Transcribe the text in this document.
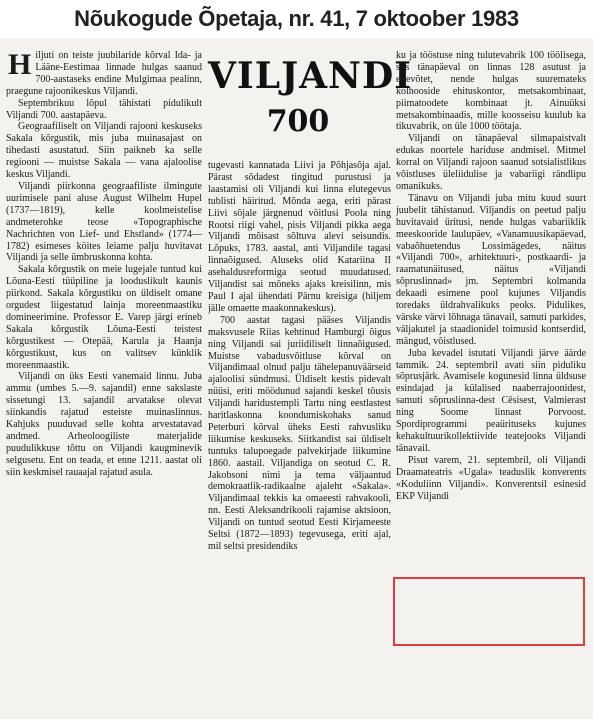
Nõukogude Õpetaja, nr. 41, 7 oktoober 1983

Hiljuti on teiste juubilaride kõrval Ida- ja Lääne-Eestimaa linnade hulgas saanud 700-aastaseks endine Mulgimaa pealinn, praegune rajoonikeskus Viljandi.

Septembrikuu lõpul tähistati pidulikult Viljandi 700. aastapäeva.

Geograafiliselt on Viljandi rajooni keskuseks Sakala kõrgustik, mis juba muinasajast on tihedasti asustatud. Siin paikneb ka selle regiooni — muistse Sakala — vana ajaloolise keskus Viljandi.

Viljandi piirkonna geograafiliste ilmingute uurimisele pani aluse August Wilhelm Hupel (1737—1819), kelle koolmeistelise andmeterohke teose «Topographische Nachrichten von Lief- und Ehstland» (1774—1782) esimeses köites leiame palju huvitavat Viljandi ja selle ümbruskonna kohta.

Sakala kõrgustik on meie lugejale tuntud kui Lõuna-Eesti tüüpiline ja looduslikult kaunis piirkond. Sakala kõrgustiku on üldiselt omane orgudest liigestatud lainja moreenmaastiku domineerimine. Professor E. Varep järgi erineb Sakala kõrgustik Lõuna-Eesti teistest kõrgustikest — Otepää, Karula ja Haanja kõrgustikust, kus on valitsev künklik moreenmaastik.

Viljandi on üks Eesti vanemaid linnu. Juba ammu (umbes 5.—9. sajandil) enne sakslaste sissetungi 13. sajandil arvatakse olevat siinkandis rajatud esteiste muinaslinnus. Kahjuks puuduvad selle kohta arvestatavad andmed. Arheoloogiliste materjalide puudulikkuse tõttu on Viljandi kaugminevik selgusetu. Ent on teada, et enne 1211. aastat oli siin keskmisel rauaajal rajatud asula.

VILJANDI
700

tugevasti kannatada Liivi ja Põhjasõja ajal. Pärast sõdadest tingitud purustusi ja laastamisi oli Viljandi kui linna elutegevus tublisti häiritud. Mõnda aega, eriti pärast Liivi sõjale järgnenud võitlusi Poola ning Rootsi riigi vahel, pisis Viljandi pikka aega Viljandi mõisast sõltuva alevi seisundis. Lõpuks, 1783. aastal, anti Viljandile tagasi linnaõigused. Aluseks olid Katariina II asehaldusreformiga seotud muudatused. Viljandist sai mõneks ajaks kreisilinn, mis Paul I ajal ühendati Pärnu kreisiga (hiljem jälle omaette maakonnakeskus).

700 aastat tagasi pääses Viljandis maksvusele Riias kehtinud Hamburgi õigus ning Viljandi sai juriidiliselt linnaõigused. Muistse vabadusvõitluse kõrval on Viljandimaal olnud palju tähelepanuväärseid ajaloolisi sündmusi. Üldiselt kestis pidevalt nüüsi, eriti möödunud sajandi keskel tõusis Viljandi haridustempli Tartu ning eestlastest haritlaskonna koondumiskohaks sanud Peterburi kõrval üheks Eesti rahvusliku liikumise keskuseks. Siitkandist sai üldiselt tuntuks talupoegade palvekirjade liikumine 1860. aastail. Viljandiga on seotud C. R. Jakobsoni nimi ja tema väljaantud demokraatlik-radikaalne ajaleht «Sakala». Viljandimaal tekkis ka omaeesti rahvakooli, nn. Eesti Aleksandrikooli rajamise aktsioon, Viljandi on tuntud seotud Eesti Kirjameeste Seltsi (1872—1893) tegevusega, eriti ajal, mil seltsi presidendiks

ku ja tööstuse ning tulutevabrik 100 töölisega, siis tänapäeval on linnas 128 asutust ja ettevõtet, nende hulgas suuremateks kolhooside ehituskontor, metsakombinaat, piimatoodete kombinaat jt. Ainuüksi metsakombinaadis, mille koosseisu kuulub ka tikuvabrik, on üle 1000 töötaja.

Viljandi on tänapäeval silmapaistvalt edukas noortele hariduse andmisel. Mitmel korral on Viljandi rajoon saanud sotsialistlikus võistluses üleliidulise ja vabariigi rändlipu omanikuks.

Tänavu on Viljandi juba mitu kuud suurt juubelit tähistanud. Viljandis on peetud palju huvitavaid üritusi, nende hulgas vabariiklik meeskooride laulupäev, «Vanamuusikapäevad, vabaõhuetendus Lossimägedes, näitus «Viljandi 700», arhitektuuri-, postkaardi- ja raamatunäitused, näitus «Viljandi sõpruslinnad» jm. Septembri kolmanda dekaadi esimene pool kujunes Viljandis toredaks üldrahvalikuks peoks. Pidulikes, värske värvi lõhnaga tänavail, samuti parkides, väljakutel ja staadionidel toimusid kontserdid, mängud, võistlused.

Juba kevadel istutati Viljandi järve äärde tammik. 24. septembril avati siin piduliku sõprusjärk. Avamisele kogunesid linna üldsuse esindajad ja külalised naaberrajoonidest, samuti sõpruslinna-dest Cēsisest, Valmierast ning Soome linnast Porvoost. Spordiprogrammi peaürituseks kujunes kehakultuurikollektiivide teatejooks Viljandi tänavail.

Pisut varem, 21. septembril, oli Viljandi Draamateatris «Ugala» teaduslik konverents «Koduliinn Viljandi». Konverentsil esinesid EKP Viljandi
